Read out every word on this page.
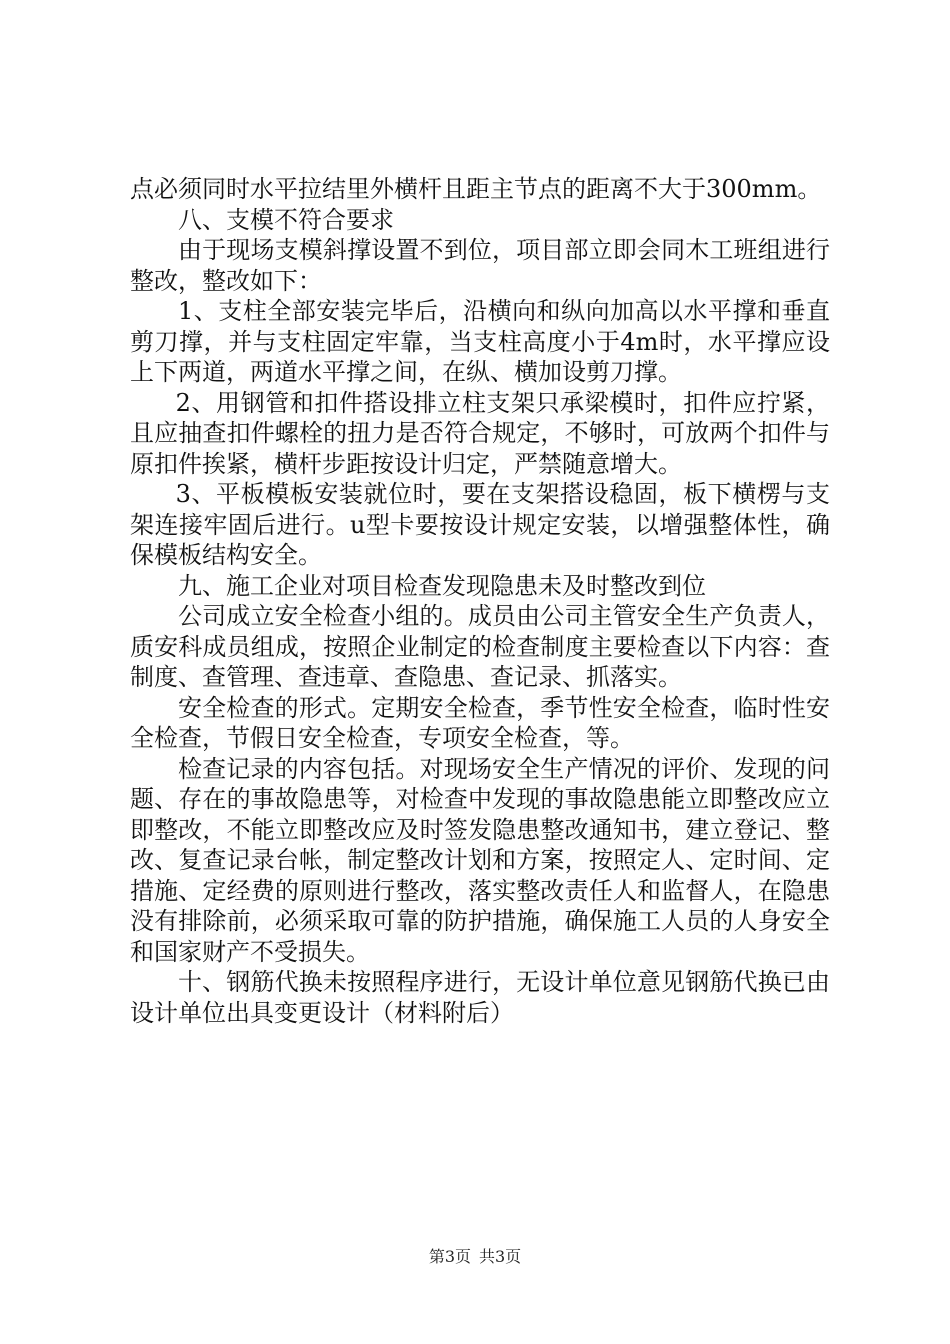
点必须同时水平拉结里外横杆且距主节点的距离不大于300mm。

八、支模不符合要求

由于现场支模斜撑设置不到位，项目部立即会同木工班组进行整改，整改如下：

1、支柱全部安装完毕后，沿横向和纵向加高以水平撑和垂直剪刀撑，并与支柱固定牢靠，当支柱高度小于4m时，水平撑应设上下两道，两道水平撑之间，在纵、横加设剪刀撑。

2、用钢管和扣件搭设排立柱支架只承梁模时，扣件应拧紧，且应抽查扣件螺栓的扭力是否符合规定，不够时，可放两个扣件与原扣件挨紧，横杆步距按设计归定，严禁随意增大。

3、平板模板安装就位时，要在支架搭设稳固，板下横楞与支架连接牢固后进行。u型卡要按设计规定安装，以增强整体性，确保模板结构安全。

九、施工企业对项目检查发现隐患未及时整改到位

公司成立安全检查小组的。成员由公司主管安全生产负责人，质安科成员组成，按照企业制定的检查制度主要检查以下内容：查制度、查管理、查违章、查隐患、查记录、抓落实。

安全检查的形式。定期安全检查，季节性安全检查，临时性安全检查，节假日安全检查，专项安全检查，等。

检查记录的内容包括。对现场安全生产情况的评价、发现的问题、存在的事故隐患等，对检查中发现的事故隐患能立即整改应立即整改，不能立即整改应及时签发隐患整改通知书，建立登记、整改、复查记录台帐，制定整改计划和方案，按照定人、定时间、定措施、定经费的原则进行整改，落实整改责任人和监督人，在隐患没有排除前，必须采取可靠的防护措施，确保施工人员的人身安全和国家财产不受损失。

十、钢筋代换未按照程序进行，无设计单位意见钢筋代换已由设计单位出具变更设计（材料附后）

第3页 共3页
